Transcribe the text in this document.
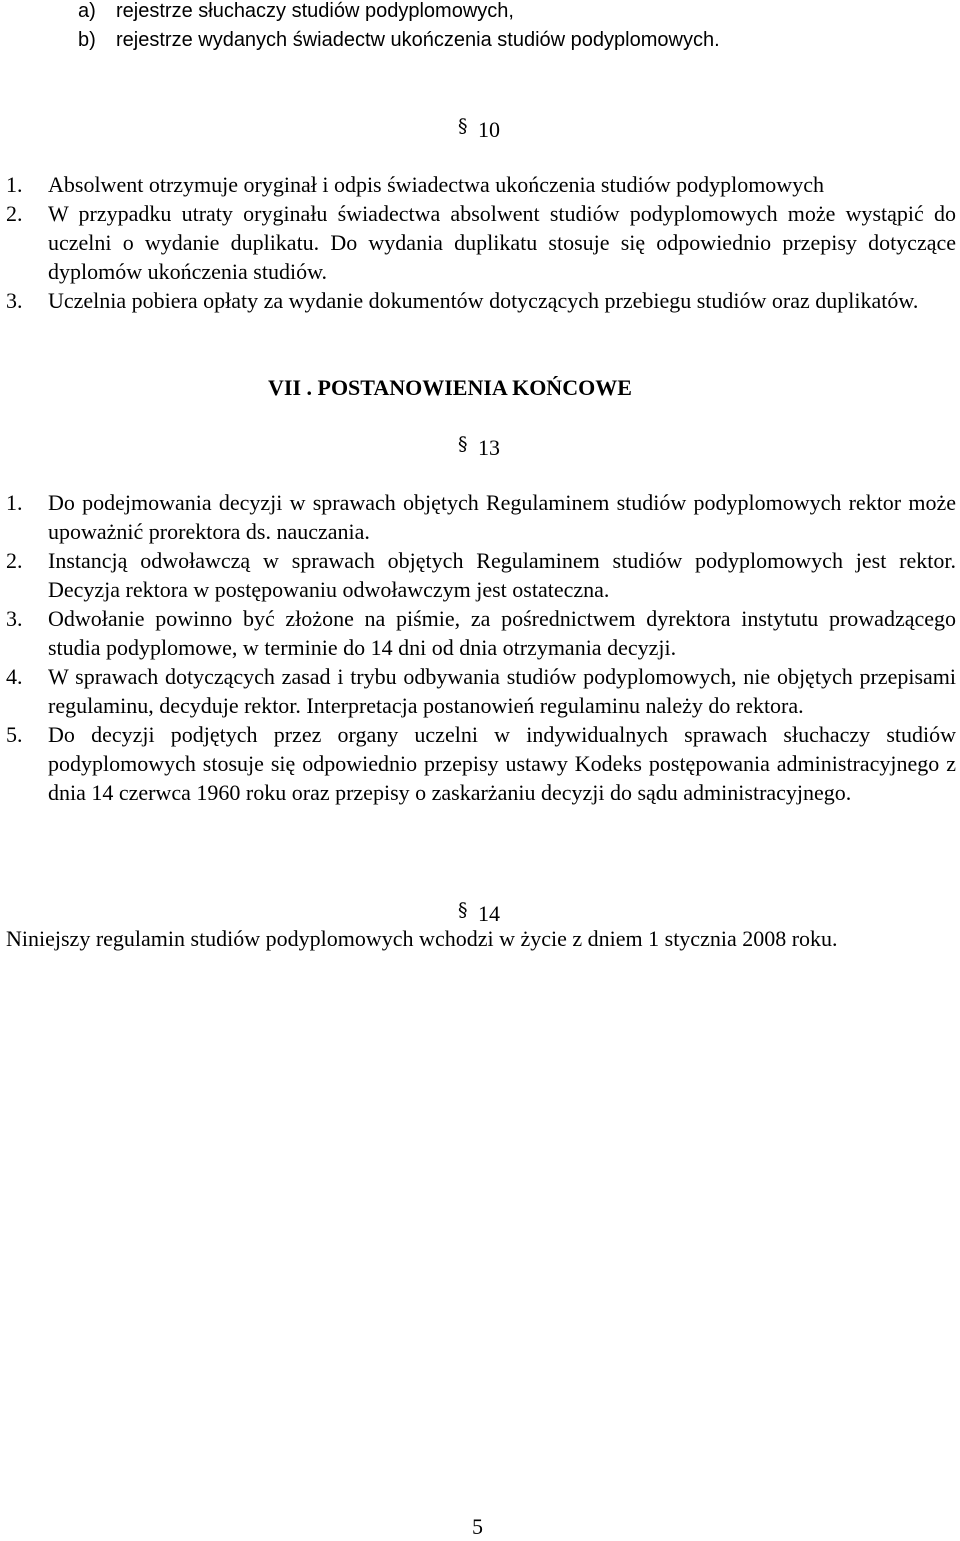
a)	rejestrze słuchaczy studiów podyplomowych,
b)	rejestrze wydanych świadectw ukończenia studiów podyplomowych.
§ 10
1.	Absolwent otrzymuje oryginał i odpis świadectwa ukończenia studiów podyplomowych
2.	W przypadku utraty oryginału świadectwa absolwent studiów podyplomowych może wystąpić do uczelni o wydanie duplikatu. Do wydania duplikatu stosuje się odpowiednio przepisy dotyczące dyplomów ukończenia studiów.
3.	Uczelnia pobiera opłaty za wydanie dokumentów dotyczących przebiegu studiów oraz duplikatów.
VII . POSTANOWIENIA KOŃCOWE
§ 13
1.	Do podejmowania decyzji w sprawach objętych Regulaminem studiów podyplomowych rektor może upoważnić prorektora ds. nauczania.
2.	Instancją odwoławczą w sprawach objętych Regulaminem studiów podyplomowych jest rektor. Decyzja rektora w postępowaniu odwoławczym jest ostateczna.
3.	Odwołanie powinno być złożone na piśmie, za pośrednictwem dyrektora instytutu prowadzącego studia podyplomowe, w terminie do 14 dni od dnia otrzymania decyzji.
4.	W sprawach dotyczących zasad i trybu odbywania studiów podyplomowych, nie objętych przepisami regulaminu, decyduje rektor. Interpretacja postanowień regulaminu należy do rektora.
5.	Do decyzji podjętych przez organy uczelni w indywidualnych sprawach słuchaczy studiów podyplomowych stosuje się odpowiednio przepisy ustawy Kodeks postępowania administracyjnego z dnia 14 czerwca 1960 roku oraz przepisy o zaskarżaniu decyzji do sądu administracyjnego.
§ 14
Niniejszy regulamin studiów podyplomowych wchodzi w życie z dniem 1 stycznia 2008 roku.
5
